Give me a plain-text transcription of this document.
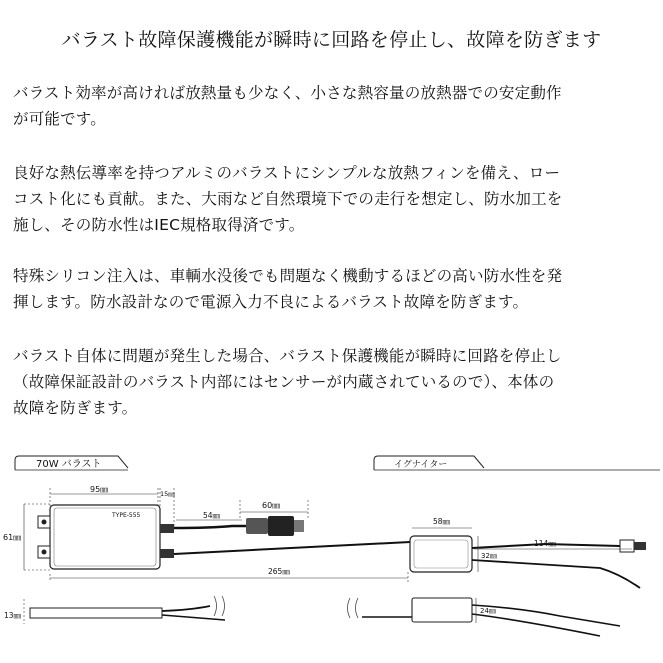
バラスト故障保護機能が瞬時に回路を停止し、故障を防ぎます
バラスト効率が高ければ放熱量も少なく、小さな熱容量の放熱器での安定動作
が可能です。
良好な熱伝導率を持つアルミのバラストにシンプルな放熱フィンを備え、ロー
コスト化にも貢献。また、大雨など自然環境下での走行を想定し、防水加工を
施し、その防水性はIEC規格取得済です。
特殊シリコン注入は、車輌水没後でも問題なく機動するほどの高い防水性を発
揮します。防水設計なので電源入力不良によるバラスト故障を防ぎます。
バラスト自体に問題が発生した場合、バラスト保護機能が瞬時に回路を停止し
（故障保証設計のバラスト内部にはセンサーが内蔵されているので）、本体の
故障を防ぎます。
70W バラスト	イグナイター
TYPE-555
95㎜	15㎜
60㎜
54㎜
61㎜
265㎜
13㎜
58㎜
114㎜
32㎜
24㎜
